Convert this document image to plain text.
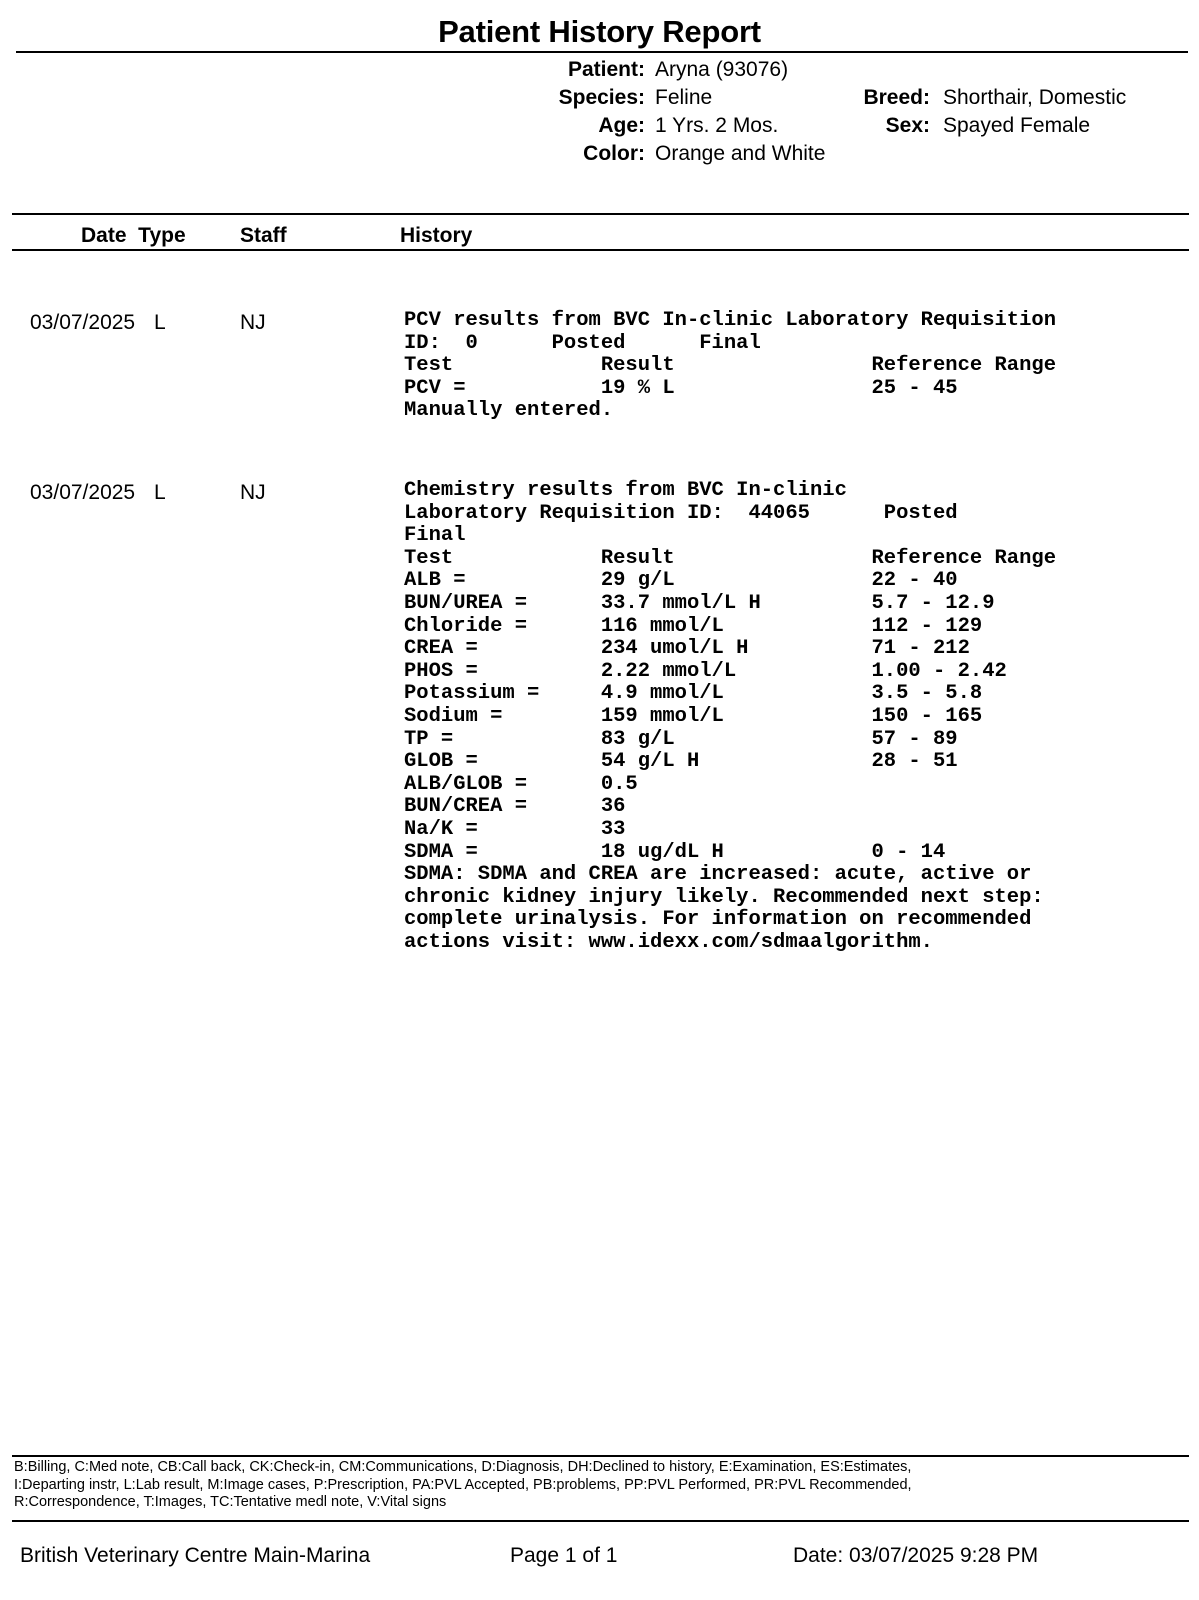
Patient History Report
Patient: Aryna (93076)
Species: Feline
Age: 1 Yrs. 2 Mos.
Color: Orange and White
Breed: Shorthair, Domestic
Sex: Spayed Female
Date  Type	Staff	History
03/07/2025 L	NJ	PCV results from BVC In-clinic Laboratory Requisition
ID:  0      Posted      Final
Test            Result                Reference Range
PCV =           19 % L                25 - 45
Manually entered.
03/07/2025 L	NJ	Chemistry results from BVC In-clinic
Laboratory Requisition ID:  44065      Posted
Final
Test            Result                Reference Range
ALB =           29 g/L                22 - 40
BUN/UREA =      33.7 mmol/L H         5.7 - 12.9
Chloride =      116 mmol/L            112 - 129
CREA =          234 umol/L H          71 - 212
PHOS =          2.22 mmol/L           1.00 - 2.42
Potassium =     4.9 mmol/L            3.5 - 5.8
Sodium =        159 mmol/L            150 - 165
TP =            83 g/L                57 - 89
GLOB =          54 g/L H              28 - 51
ALB/GLOB =      0.5
BUN/CREA =      36
Na/K =          33
SDMA =          18 ug/dL H            0 - 14
SDMA: SDMA and CREA are increased: acute, active or
chronic kidney injury likely. Recommended next step:
complete urinalysis. For information on recommended
actions visit: www.idexx.com/sdmaalgorithm.
B:Billing, C:Med note, CB:Call back, CK:Check-in, CM:Communications, D:Diagnosis, DH:Declined to history, E:Examination, ES:Estimates,
I:Departing instr, L:Lab result, M:Image cases, P:Prescription, PA:PVL Accepted, PB:problems, PP:PVL Performed, PR:PVL Recommended,
R:Correspondence, T:Images, TC:Tentative medl note, V:Vital signs
British Veterinary Centre Main-Marina	Page 1 of 1	Date: 03/07/2025 9:28 PM
